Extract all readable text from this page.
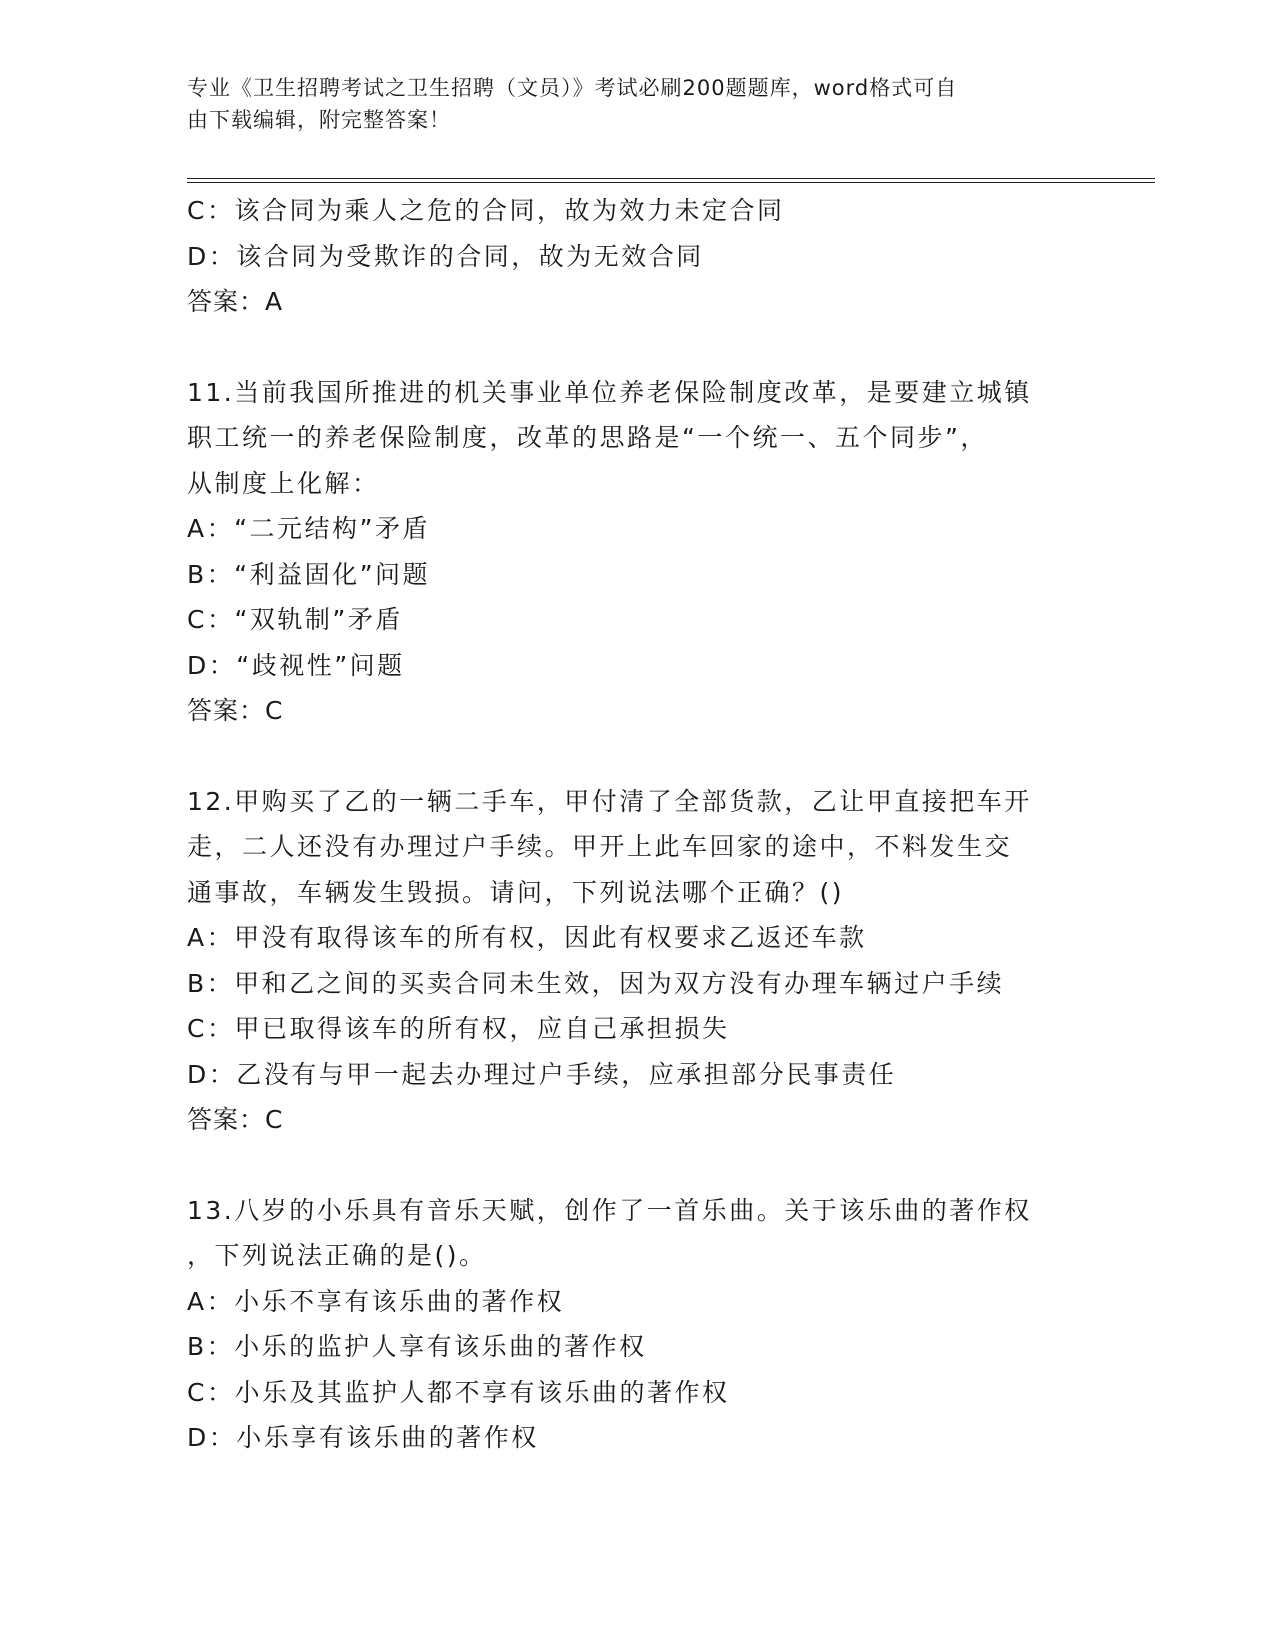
专业《卫生招聘考试之卫生招聘（文员）》考试必刷200题题库，word格式可自
由下载编辑，附完整答案！
C：该合同为乘人之危的合同，故为效力未定合同
D：该合同为受欺诈的合同，故为无效合同
答案：A
11.当前我国所推进的机关事业单位养老保险制度改革，是要建立城镇
职工统一的养老保险制度，改革的思路是“一个统一、五个同步”，
从制度上化解：
A：“二元结构”矛盾
B：“利益固化”问题
C：“双轨制”矛盾
D：“歧视性”问题
答案：C
12.甲购买了乙的一辆二手车，甲付清了全部货款，乙让甲直接把车开
走，二人还没有办理过户手续。甲开上此车回家的途中，不料发生交
通事故，车辆发生毁损。请问，下列说法哪个正确？()
A：甲没有取得该车的所有权，因此有权要求乙返还车款
B：甲和乙之间的买卖合同未生效，因为双方没有办理车辆过户手续
C：甲已取得该车的所有权，应自己承担损失
D：乙没有与甲一起去办理过户手续，应承担部分民事责任
答案：C
13.八岁的小乐具有音乐天赋，创作了一首乐曲。关于该乐曲的著作权
，下列说法正确的是()。
A：小乐不享有该乐曲的著作权
B：小乐的监护人享有该乐曲的著作权
C：小乐及其监护人都不享有该乐曲的著作权
D：小乐享有该乐曲的著作权
